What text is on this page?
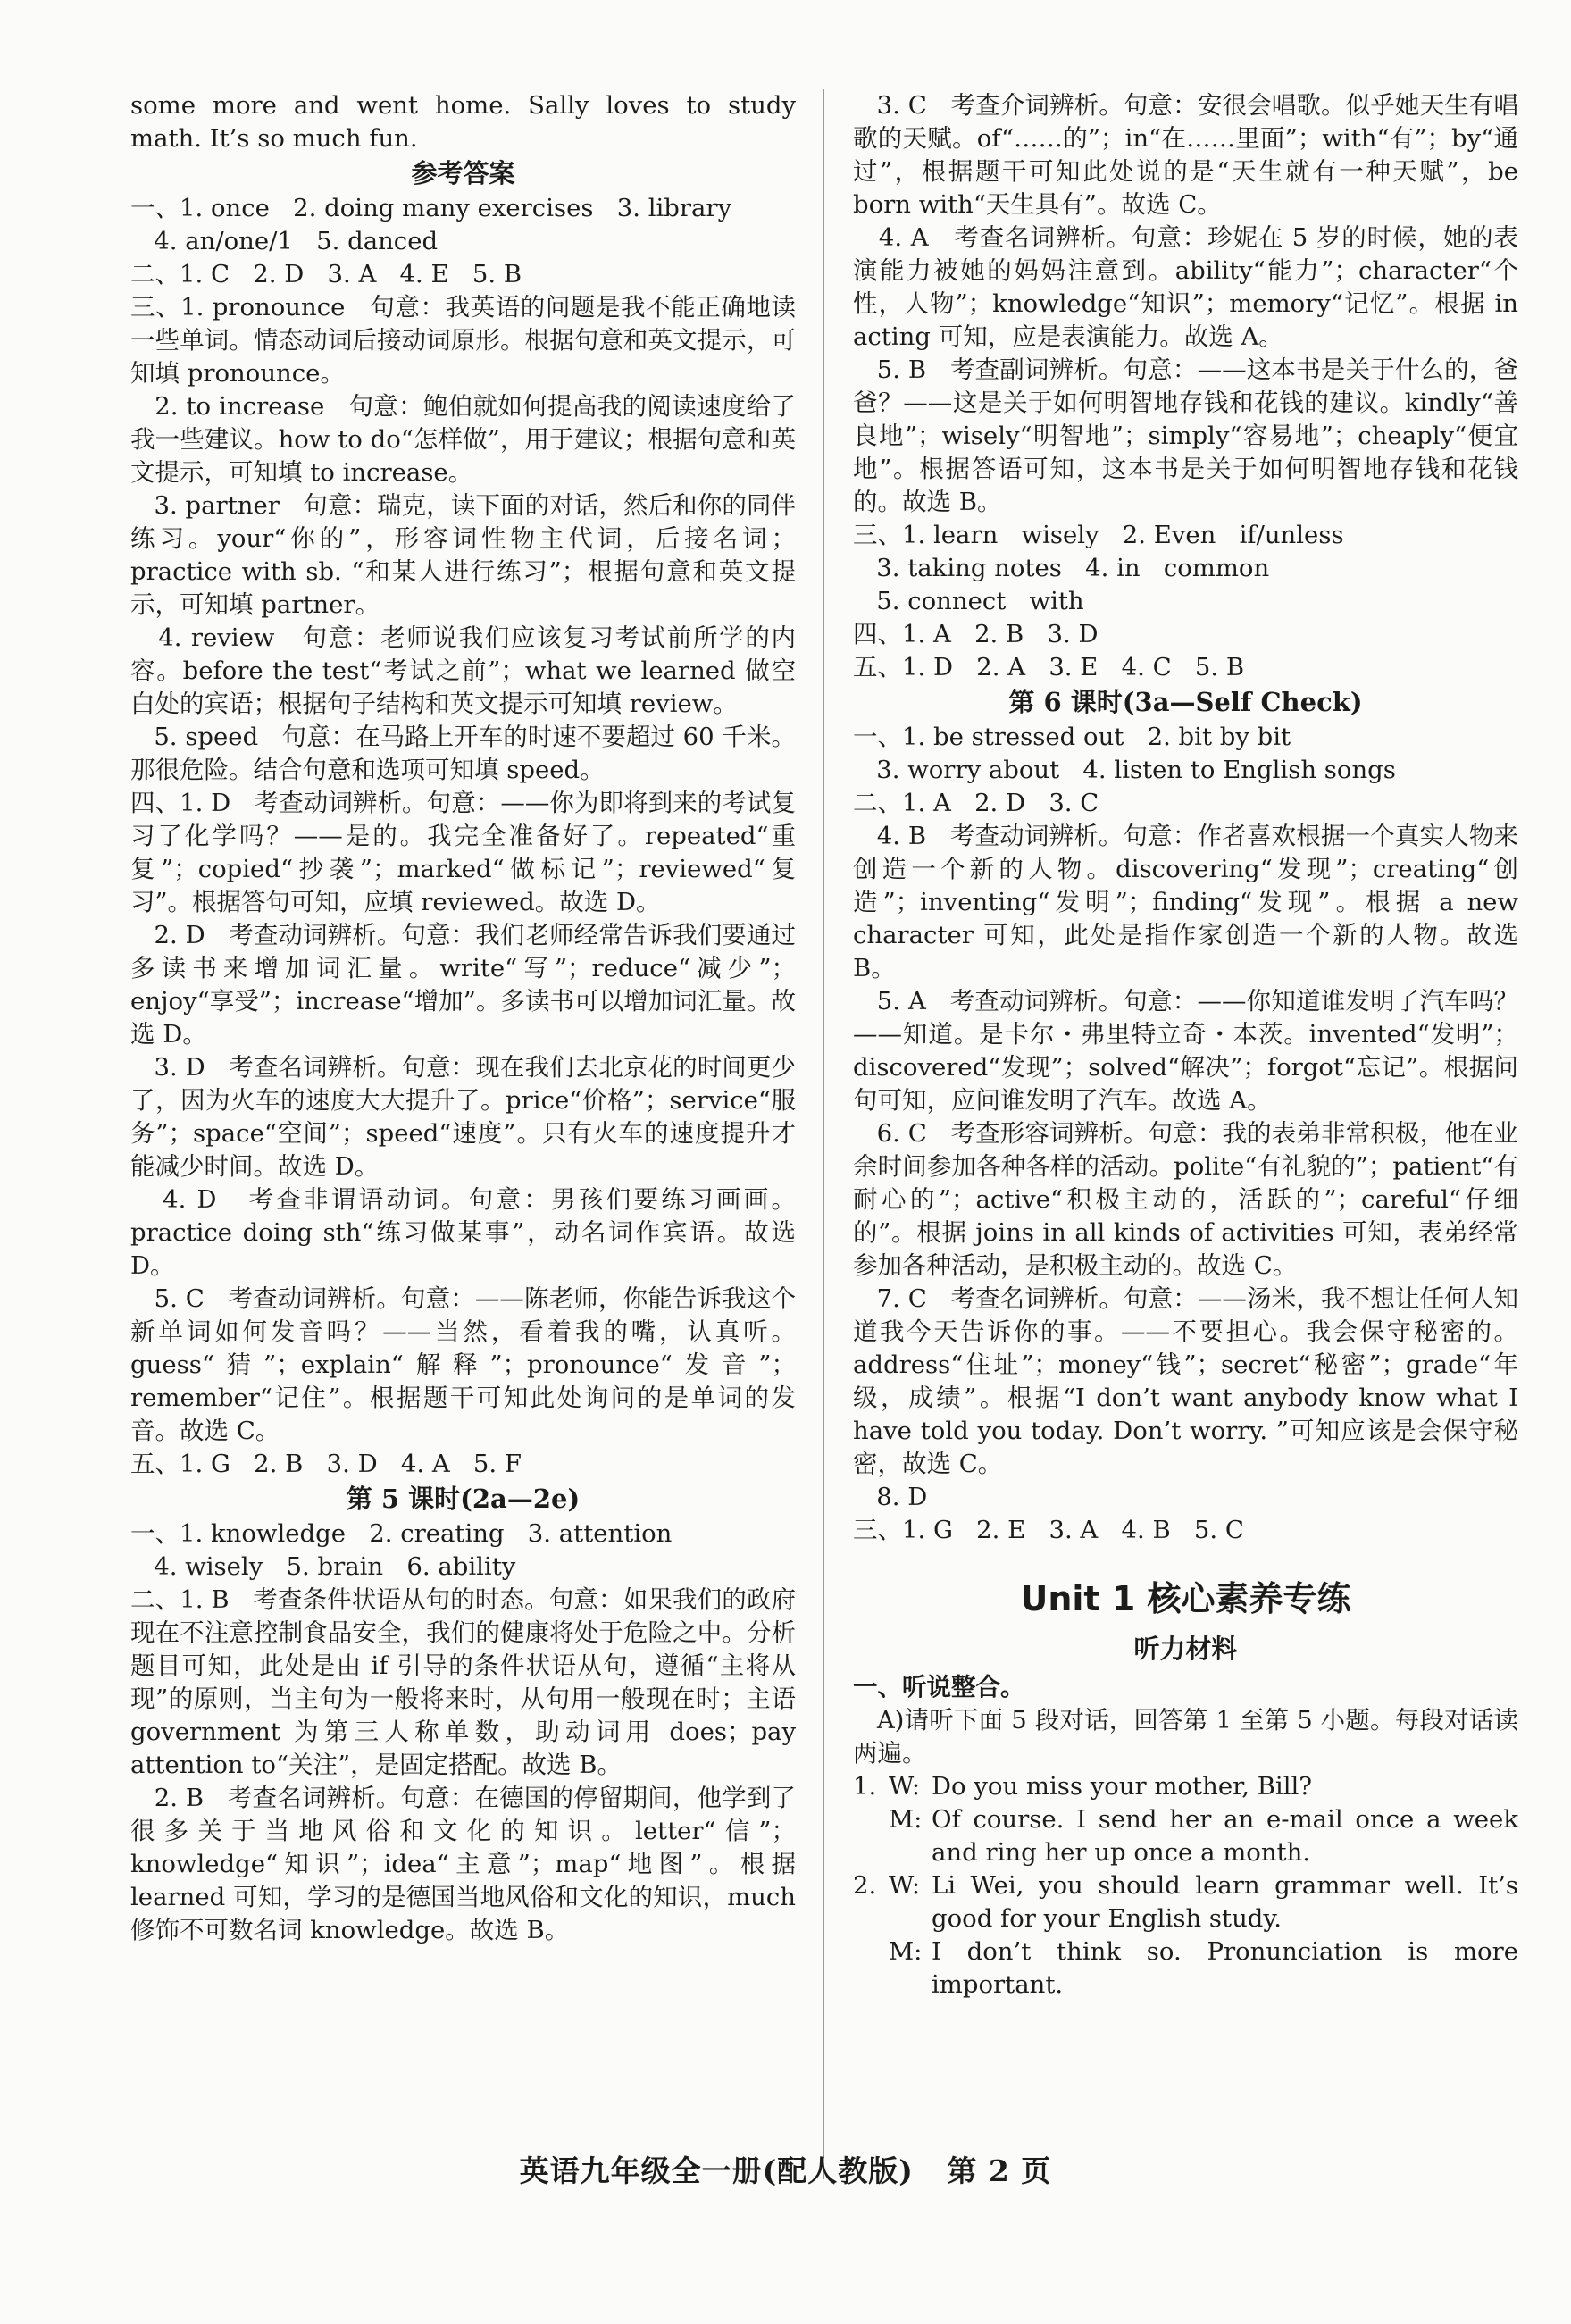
some more and went home. Sally loves to study math. It’s so much fun.

参考答案

一、1. once   2. doing many exercises   3. library

4. an/one/1   5. danced

二、1. C   2. D   3. A   4. E   5. B

三、1. pronounce   句意：我英语的问题是我不能正确地读一些单词。情态动词后接动词原形。根据句意和英文提示，可知填 pronounce。

2. to increase   句意：鲍伯就如何提高我的阅读速度给了我一些建议。how to do“怎样做”，用于建议；根据句意和英文提示，可知填 to increase。

3. partner   句意：瑞克，读下面的对话，然后和你的同伴练习。your“你的”，形容词性物主代词，后接名词；practice with sb. “和某人进行练习”；根据句意和英文提示，可知填 partner。

4. review   句意：老师说我们应该复习考试前所学的内容。before the test“考试之前”；what we learned 做空白处的宾语；根据句子结构和英文提示可知填 review。

5. speed   句意：在马路上开车的时速不要超过 60 千米。那很危险。结合句意和选项可知填 speed。

四、1. D   考查动词辨析。句意：——你为即将到来的考试复习了化学吗？——是的。我完全准备好了。repeated“重复”；copied“抄袭”；marked“做标记”；reviewed“复习”。根据答句可知，应填 reviewed。故选 D。

2. D   考查动词辨析。句意：我们老师经常告诉我们要通过多读书来增加词汇量。write“写”；reduce“减少”；enjoy“享受”；increase“增加”。多读书可以增加词汇量。故选 D。

3. D   考查名词辨析。句意：现在我们去北京花的时间更少了，因为火车的速度大大提升了。price“价格”；service“服务”；space“空间”；speed“速度”。只有火车的速度提升才能减少时间。故选 D。

4. D   考查非谓语动词。句意：男孩们要练习画画。practice doing sth“练习做某事”，动名词作宾语。故选 D。

5. C   考查动词辨析。句意：——陈老师，你能告诉我这个新单词如何发音吗？——当然，看着我的嘴，认真听。guess“猜”；explain“解释”；pronounce“发音”；remember“记住”。根据题干可知此处询问的是单词的发音。故选 C。

五、1. G   2. B   3. D   4. A   5. F

第 5 课时(2a—2e)

一、1. knowledge   2. creating   3. attention

4. wisely   5. brain   6. ability

二、1. B   考查条件状语从句的时态。句意：如果我们的政府现在不注意控制食品安全，我们的健康将处于危险之中。分析题目可知，此处是由 if 引导的条件状语从句，遵循“主将从现”的原则，当主句为一般将来时，从句用一般现在时；主语 government 为第三人称单数，助动词用 does；pay attention to“关注”，是固定搭配。故选 B。

2. B   考查名词辨析。句意：在德国的停留期间，他学到了很多关于当地风俗和文化的知识。letter“信”；knowledge“知识”；idea“主意”；map“地图”。根据 learned 可知，学习的是德国当地风俗和文化的知识，much 修饰不可数名词 knowledge。故选 B。

3. C   考查介词辨析。句意：安很会唱歌。似乎她天生有唱歌的天赋。of“……的”；in“在……里面”；with“有”；by“通过”，根据题干可知此处说的是“天生就有一种天赋”，be born with“天生具有”。故选 C。

4. A   考查名词辨析。句意：珍妮在 5 岁的时候，她的表演能力被她的妈妈注意到。ability“能力”；character“个性，人物”；knowledge“知识”；memory“记忆”。根据 in acting 可知，应是表演能力。故选 A。

5. B   考查副词辨析。句意：——这本书是关于什么的，爸爸？——这是关于如何明智地存钱和花钱的建议。kindly“善良地”；wisely“明智地”；simply“容易地”；cheaply“便宜地”。根据答语可知，这本书是关于如何明智地存钱和花钱的。故选 B。

三、1. learn   wisely   2. Even   if/unless

3. taking notes   4. in   common

5. connect   with

四、1. A   2. B   3. D

五、1. D   2. A   3. E   4. C   5. B

第 6 课时(3a—Self Check)

一、1. be stressed out   2. bit by bit

3. worry about   4. listen to English songs

二、1. A   2. D   3. C

4. B   考查动词辨析。句意：作者喜欢根据一个真实人物来创造一个新的人物。discovering“发现”；creating“创造”；inventing“发明”；finding“发现”。根据 a new character 可知，此处是指作家创造一个新的人物。故选 B。

5. A   考查动词辨析。句意：——你知道谁发明了汽车吗？——知道。是卡尔・弗里特立奇・本茨。invented“发明”；discovered“发现”；solved“解决”；forgot“忘记”。根据问句可知，应问谁发明了汽车。故选 A。

6. C   考查形容词辨析。句意：我的表弟非常积极，他在业余时间参加各种各样的活动。polite“有礼貌的”；patient“有耐心的”；active“积极主动的，活跃的”；careful“仔细的”。根据 joins in all kinds of activities 可知，表弟经常参加各种活动，是积极主动的。故选 C。

7. C   考查名词辨析。句意：——汤米，我不想让任何人知道我今天告诉你的事。——不要担心。我会保守秘密的。address“住址”；money“钱”；secret“秘密”；grade“年级，成绩”。根据“I don’t want anybody know what I have told you today. Don’t worry. ”可知应该是会保守秘密，故选 C。

8. D

三、1. G   2. E   3. A   4. B   5. C

Unit 1 核心素养专练
听力材料

一、听说整合。

A)请听下面 5 段对话，回答第 1 至第 5 小题。每段对话读两遍。

1. W: Do you miss your mother, Bill?
M: Of course. I send her an e-mail once a week and ring her up once a month.
2. W: Li Wei, you should learn grammar well. It’s good for your English study.
M: I don’t think so. Pronunciation is more important.
英语九年级全一册(配人教版)   第 2 页
